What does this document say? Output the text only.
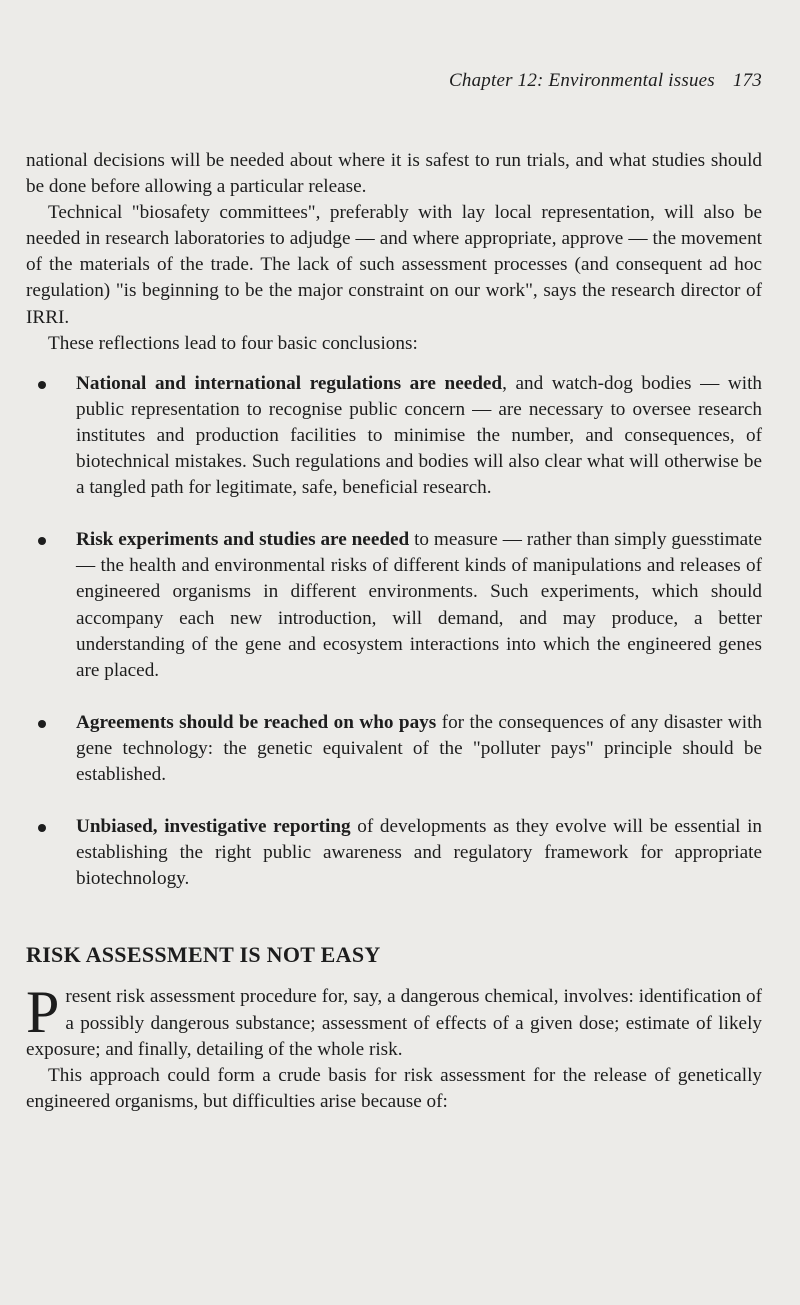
Chapter 12: Environmental issues 173

national decisions will be needed about where it is safest to run trials, and what studies should be done before allowing a particular release.

Technical "biosafety committees", preferably with lay local representation, will also be needed in research laboratories to adjudge — and where appropriate, approve — the movement of the materials of the trade. The lack of such assessment processes (and consequent ad hoc regulation) "is beginning to be the major constraint on our work", says the research director of IRRI.

These reflections lead to four basic conclusions:

National and international regulations are needed, and watch-dog bodies — with public representation to recognise public concern — are necessary to oversee research institutes and production facilities to minimise the number, and consequences, of biotechnical mistakes. Such regulations and bodies will also clear what will otherwise be a tangled path for legitimate, safe, beneficial research.
Risk experiments and studies are needed to measure — rather than simply guesstimate — the health and environmental risks of different kinds of manipulations and releases of engineered organisms in different environments. Such experiments, which should accompany each new introduction, will demand, and may produce, a better understanding of the gene and ecosystem interactions into which the engineered genes are placed.
Agreements should be reached on who pays for the consequences of any disaster with gene technology: the genetic equivalent of the "polluter pays" principle should be established.
Unbiased, investigative reporting of developments as they evolve will be essential in establishing the right public awareness and regulatory framework for appropriate biotechnology.
RISK ASSESSMENT IS NOT EASY

Present risk assessment procedure for, say, a dangerous chemical, involves: identification of a possibly dangerous substance; assessment of effects of a given dose; estimate of likely exposure; and finally, detailing of the whole risk.

This approach could form a crude basis for risk assessment for the release of genetically engineered organisms, but difficulties arise because of:
